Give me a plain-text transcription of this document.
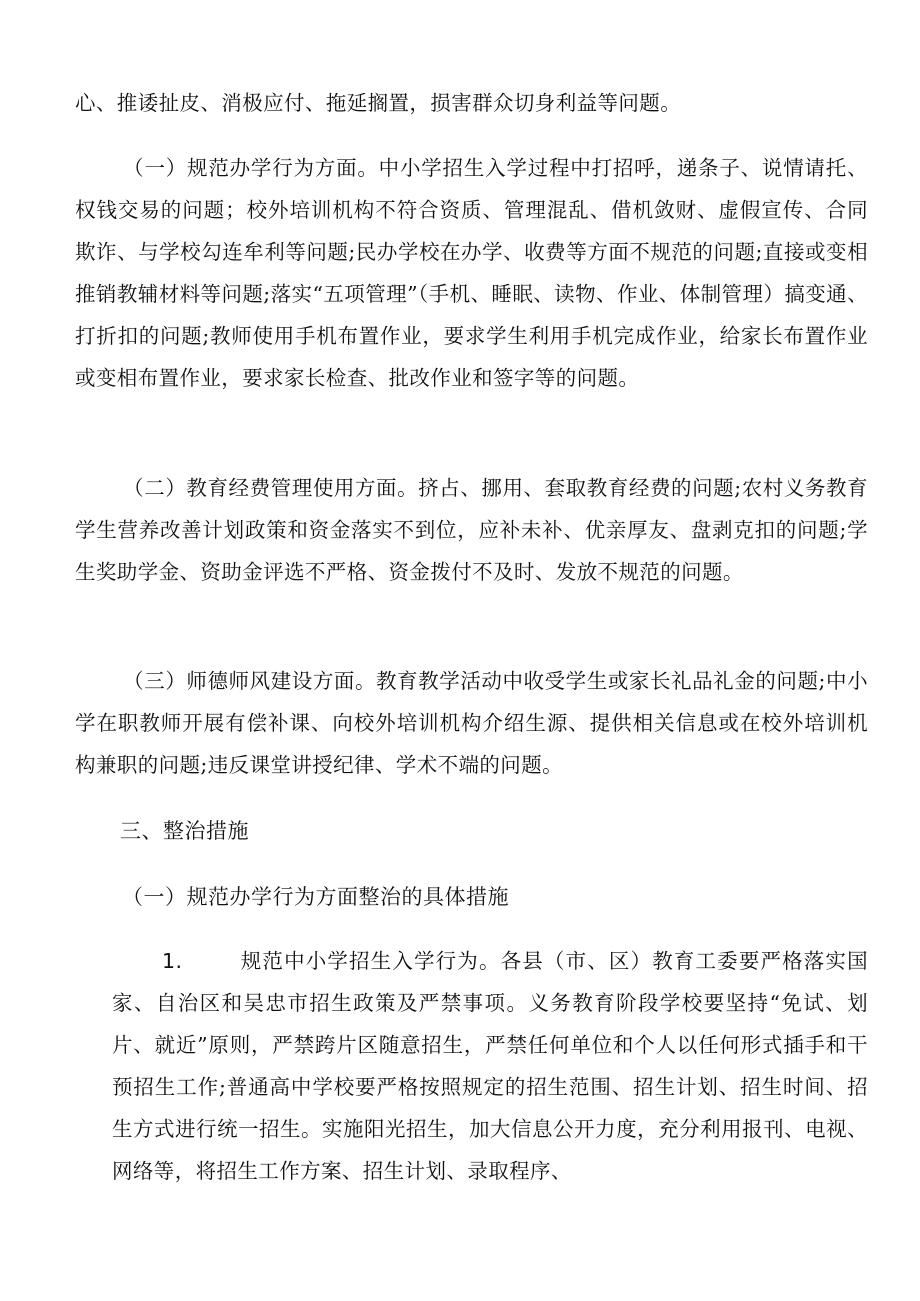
心、推诿扯皮、消极应付、拖延搁置，损害群众切身利益等问题。

（一）规范办学行为方面。中小学招生入学过程中打招呼，递条子、说情请托、权钱交易的问题；校外培训机构不符合资质、管理混乱、借机敛财、虚假宣传、合同欺诈、与学校勾连牟利等问题;民办学校在办学、收费等方面不规范的问题;直接或变相推销教辅材料等问题;落实“五项管理”（手机、睡眠、读物、作业、体制管理）搞变通、打折扣的问题;教师使用手机布置作业，要求学生利用手机完成作业，给家长布置作业或变相布置作业，要求家长检查、批改作业和签字等的问题。

（二）教育经费管理使用方面。挤占、挪用、套取教育经费的问题;农村义务教育学生营养改善计划政策和资金落实不到位，应补未补、优亲厚友、盘剥克扣的问题;学生奖助学金、资助金评选不严格、资金拨付不及时、发放不规范的问题。

（三）师德师风建设方面。教育教学活动中收受学生或家长礼品礼金的问题;中小学在职教师开展有偿补课、向校外培训机构介绍生源、提供相关信息或在校外培训机构兼职的问题;违反课堂讲授纪律、学术不端的问题。

三、整治措施
（一）规范办学行为方面整治的具体措施

1.	规范中小学招生入学行为。各县（市、区）教育工委要严格落实国家、自治区和吴忠市招生政策及严禁事项。义务教育阶段学校要坚持“免试、划片、就近”原则，严禁跨片区随意招生，严禁任何单位和个人以任何形式插手和干预招生工作;普通高中学校要严格按照规定的招生范围、招生计划、招生时间、招生方式进行统一招生。实施阳光招生，加大信息公开力度，充分利用报刊、电视、网络等，将招生工作方案、招生计划、录取程序、
